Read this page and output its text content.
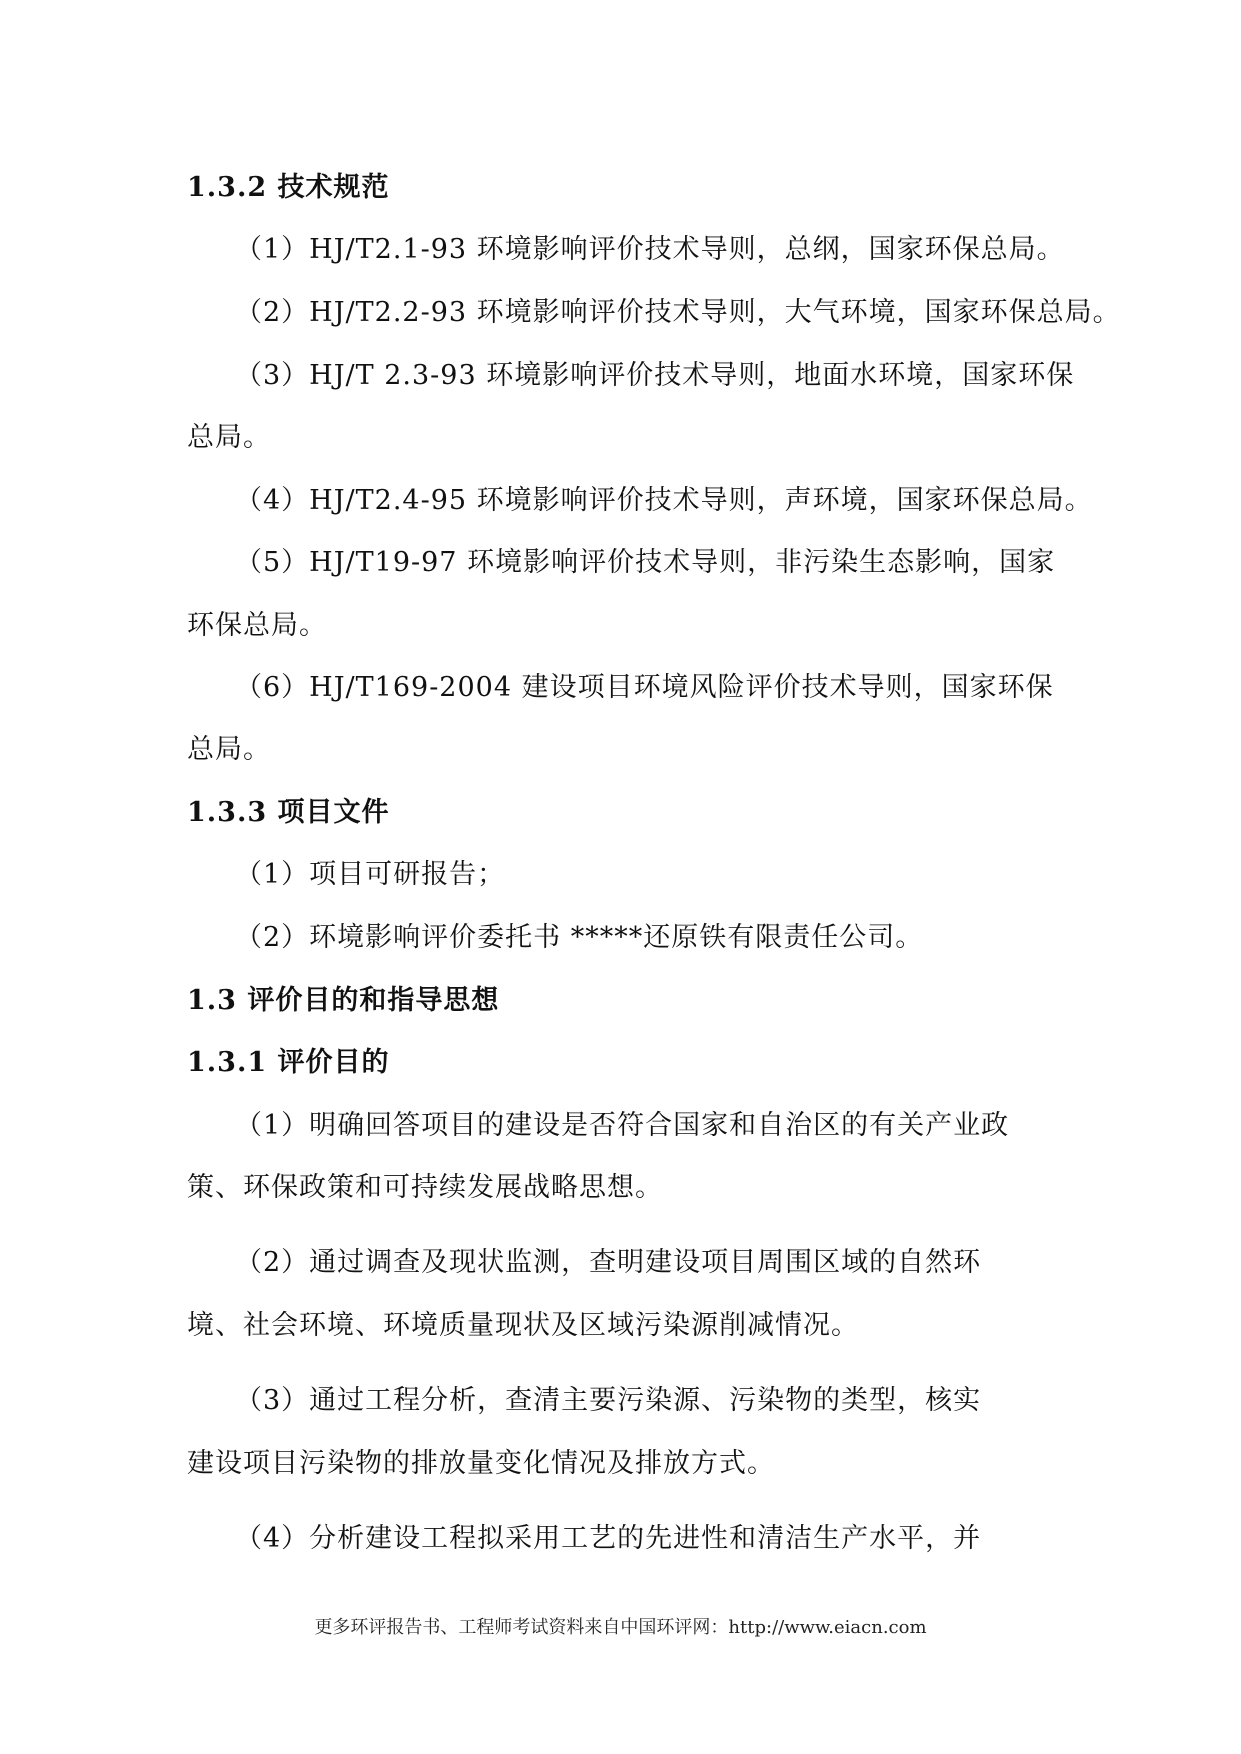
1.3.2 技术规范
（1）HJ/T2.1-93 环境影响评价技术导则，总纲，国家环保总局。
（2）HJ/T2.2-93 环境影响评价技术导则，大气环境，国家环保总局。
（3）HJ/T 2.3-93 环境影响评价技术导则，地面水环境，国家环保
总局。
（4）HJ/T2.4-95 环境影响评价技术导则，声环境，国家环保总局。
（5）HJ/T19-97 环境影响评价技术导则，非污染生态影响，国家
环保总局。
（6）HJ/T169-2004 建设项目环境风险评价技术导则，国家环保
总局。
1.3.3 项目文件
（1）项目可研报告；
（2）环境影响评价委托书 *****还原铁有限责任公司。
1.3 评价目的和指导思想
1.3.1 评价目的
（1）明确回答项目的建设是否符合国家和自治区的有关产业政
策、环保政策和可持续发展战略思想。
（2）通过调查及现状监测，查明建设项目周围区域的自然环
境、社会环境、环境质量现状及区域污染源削减情况。
（3）通过工程分析，查清主要污染源、污染物的类型，核实
建设项目污染物的排放量变化情况及排放方式。
（4）分析建设工程拟采用工艺的先进性和清洁生产水平，并
更多环评报告书、工程师考试资料来自中国环评网：http://www.eiacn.com
